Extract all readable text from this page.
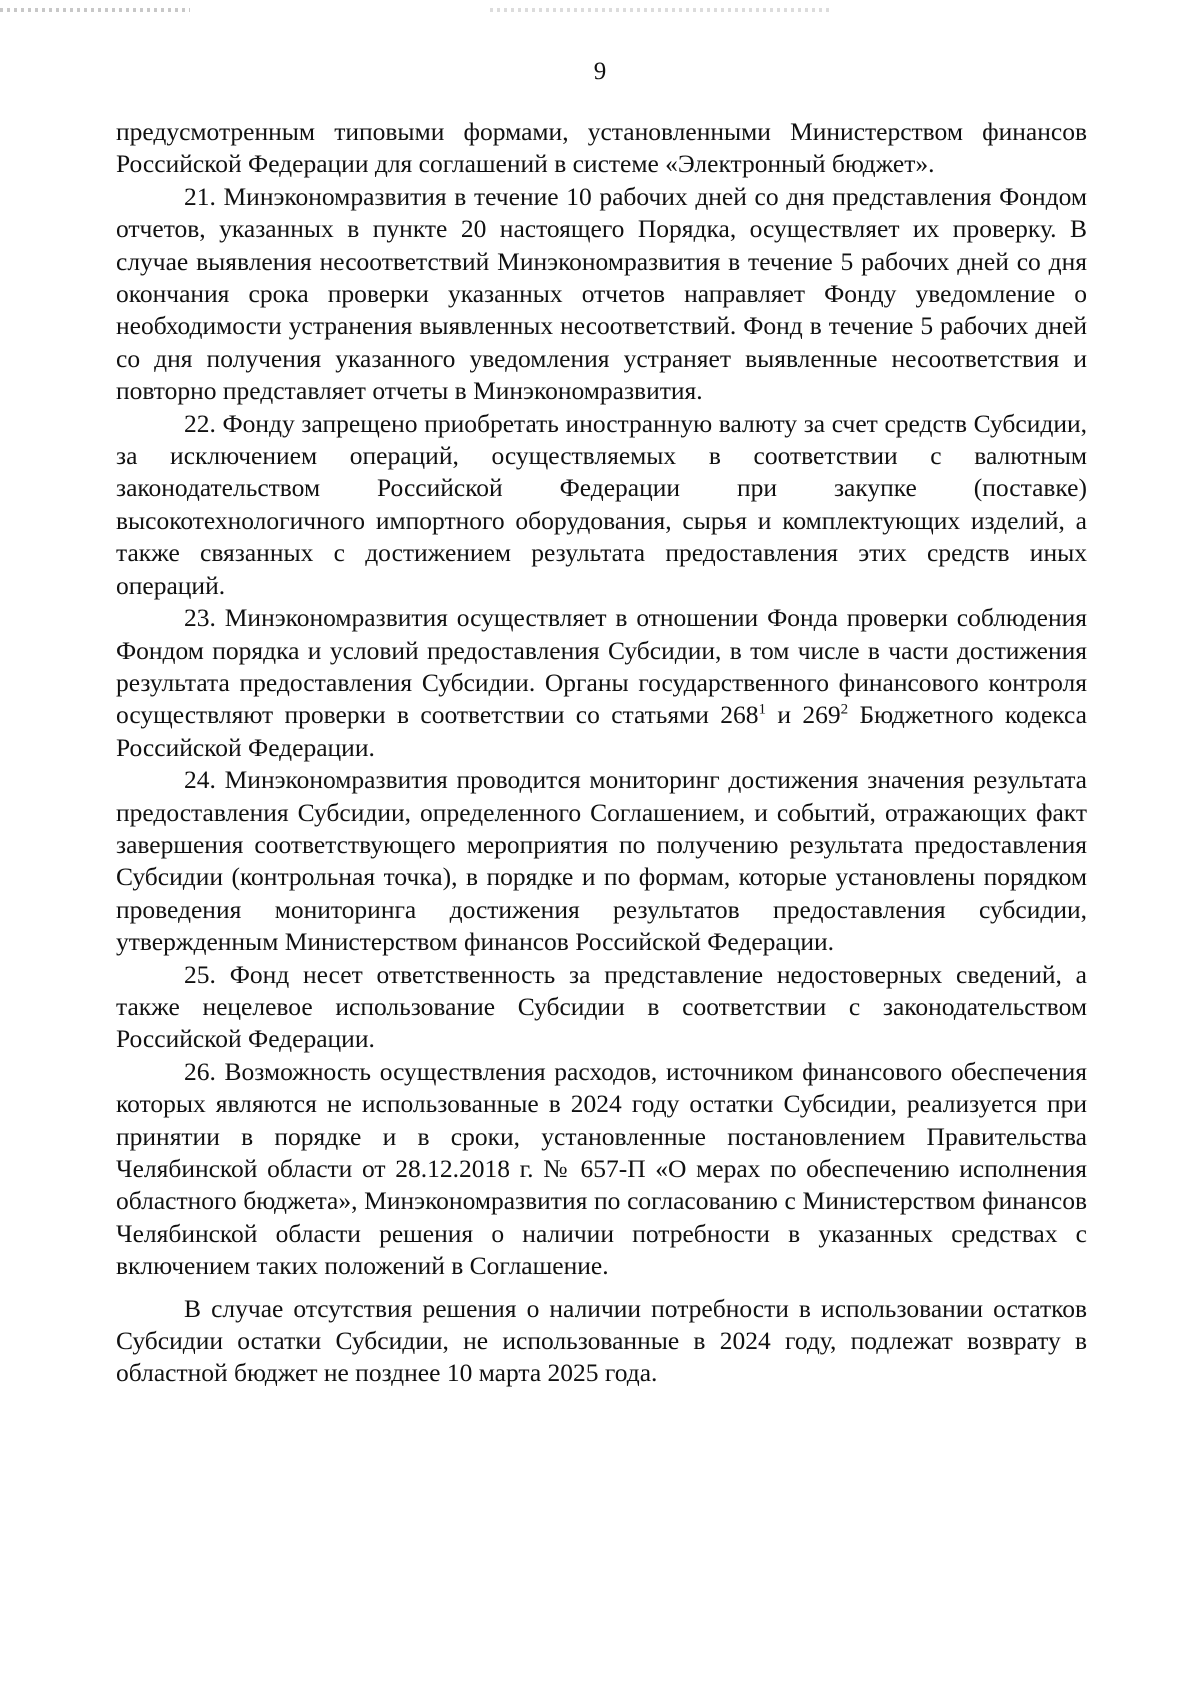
9

предусмотренным типовыми формами, установленными Министерством финансов Российской Федерации для соглашений в системе «Электронный бюджет».

21. Минэкономразвития в течение 10 рабочих дней со дня представления Фондом отчетов, указанных в пункте 20 настоящего Порядка, осуществляет их проверку. В случае выявления несоответствий Минэкономразвития в течение 5 рабочих дней со дня окончания срока проверки указанных отчетов направляет Фонду уведомление о необходимости устранения выявленных несоответствий. Фонд в течение 5 рабочих дней со дня получения указанного уведомления устраняет выявленные несоответствия и повторно представляет отчеты в Минэкономразвития.

22. Фонду запрещено приобретать иностранную валюту за счет средств Субсидии, за исключением операций, осуществляемых в соответствии с валютным законодательством Российской Федерации при закупке (поставке) высокотехнологичного импортного оборудования, сырья и комплектующих изделий, а также связанных с достижением результата предоставления этих средств иных операций.

23. Минэкономразвития осуществляет в отношении Фонда проверки соблюдения Фондом порядка и условий предоставления Субсидии, в том числе в части достижения результата предоставления Субсидии. Органы государственного финансового контроля осуществляют проверки в соответствии со статьями $268^1$ и $269^2$ Бюджетного кодекса Российской Федерации.

24. Минэкономразвития проводится мониторинг достижения значения результата предоставления Субсидии, определенного Соглашением, и событий, отражающих факт завершения соответствующего мероприятия по получению результата предоставления Субсидии (контрольная точка), в порядке и по формам, которые установлены порядком проведения мониторинга достижения результатов предоставления субсидии, утвержденным Министерством финансов Российской Федерации.

25. Фонд несет ответственность за представление недостоверных сведений, а также нецелевое использование Субсидии в соответствии с законодательством Российской Федерации.

26. Возможность осуществления расходов, источником финансового обеспечения которых являются не использованные в 2024 году остатки Субсидии, реализуется при принятии в порядке и в сроки, установленные постановлением Правительства Челябинской области от 28.12.2018 г. № 657-П «О мерах по обеспечению исполнения областного бюджета», Минэкономразвития по согласованию с Министерством финансов Челябинской области решения о наличии потребности в указанных средствах с включением таких положений в Соглашение.

В случае отсутствия решения о наличии потребности в использовании остатков Субсидии остатки Субсидии, не использованные в 2024 году, подлежат возврату в областной бюджет не позднее 10 марта 2025 года.
